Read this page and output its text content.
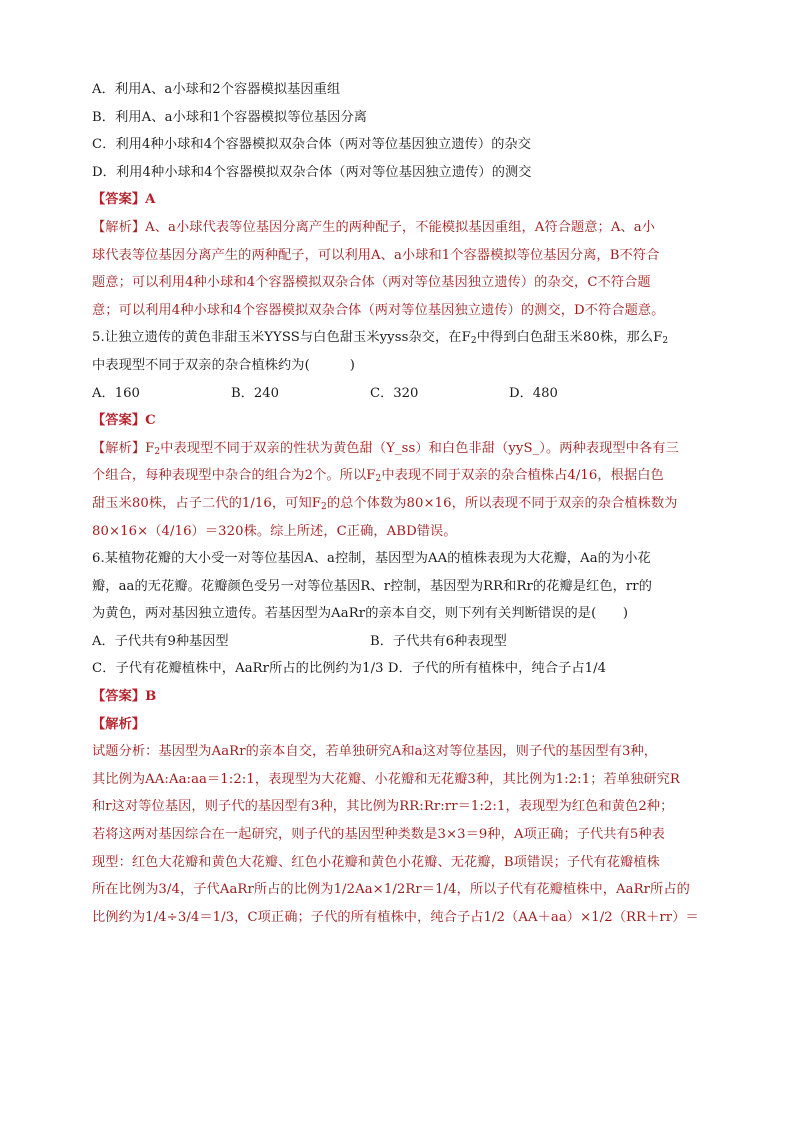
A．利用A、a小球和2个容器模拟基因重组
B．利用A、a小球和1个容器模拟等位基因分离
C．利用4种小球和4个容器模拟双杂合体（两对等位基因独立遗传）的杂交
D．利用4种小球和4个容器模拟双杂合体（两对等位基因独立遗传）的测交
【答案】A
【解析】A、a小球代表等位基因分离产生的两种配子，不能模拟基因重组，A符合题意；A、a小
球代表等位基因分离产生的两种配子，可以利用A、a小球和1个容器模拟等位基因分离，B不符合
题意；可以利用4种小球和4个容器模拟双杂合体（两对等位基因独立遗传）的杂交，C不符合题
意；可以利用4种小球和4个容器模拟双杂合体（两对等位基因独立遗传）的测交，D不符合题意。
5.让独立遗传的黄色非甜玉米YYSS与白色甜玉米yyss杂交，在$F_2$中得到白色甜玉米80株，那么$F_2$
中表现型不同于双亲的杂合植株约为(　　　)
A．160	B．240	C．320	D．480
【答案】C
【解析】$F_2$中表现型不同于双亲的性状为黄色甜（Y_ss）和白色非甜（yyS_）。两种表现型中各有三
个组合，每种表现型中杂合的组合为2个。所以$F_2$中表现不同于双亲的杂合植株占4/16，根据白色
甜玉米80株，占子二代的1/16，可知$F_2$的总个体数为80×16，所以表现不同于双亲的杂合植株数为
80×16×（4/16）＝320株。综上所述，C正确，ABD错误。
6.某植物花瓣的大小受一对等位基因A、a控制，基因型为AA的植株表现为大花瓣，Aa的为小花
瓣，aa的无花瓣。花瓣颜色受另一对等位基因R、r控制，基因型为RR和Rr的花瓣是红色，rr的
为黄色，两对基因独立遗传。若基因型为AaRr的亲本自交，则下列有关判断错误的是(　　)
A．子代共有9种基因型	B．子代共有6种表现型
C．子代有花瓣植株中，AaRr所占的比例约为1/3 D．子代的所有植株中，纯合子占1/4
【答案】B
【解析】
试题分析：基因型为AaRr的亲本自交，若单独研究A和a这对等位基因，则子代的基因型有3种，
其比例为AA:Aa:aa＝1:2:1，表现型为大花瓣、小花瓣和无花瓣3种，其比例为1:2:1；若单独研究R
和r这对等位基因，则子代的基因型有3种，其比例为RR:Rr:rr＝1:2:1，表现型为红色和黄色2种；
若将这两对基因综合在一起研究，则子代的基因型种类数是3×3＝9种，A项正确；子代共有5种表
现型：红色大花瓣和黄色大花瓣、红色小花瓣和黄色小花瓣、无花瓣，B项错误；子代有花瓣植株
所在比例为3/4，子代AaRr所占的比例为1/2Aa×1/2Rr＝1/4，所以子代有花瓣植株中，AaRr所占的
比例约为1/4÷3/4＝1/3，C项正确；子代的所有植株中，纯合子占1/2（AA＋aa）×1/2（RR＋rr）＝
